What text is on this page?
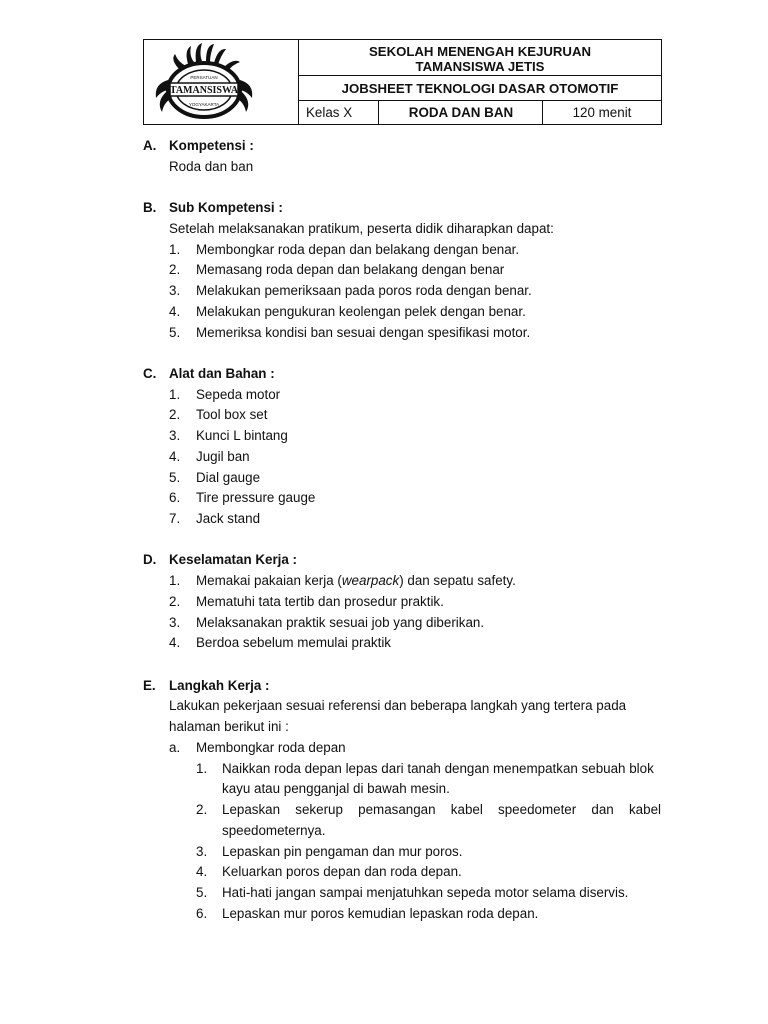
TAMANSISWA
PERSATUAN
YOGYAKARTA
SEKOLAH MENENGAH KEJURUAN
TAMANSISWA JETIS
JOBSHEET TEKNOLOGI DASAR OTOMOTIF
Kelas X	RODA DAN BAN	120 menit
A. Kompetensi :
Roda dan ban
B. Sub Kompetensi :
Setelah melaksanakan pratikum, peserta didik diharapkan dapat:
1. Membongkar roda depan dan belakang dengan benar.
2. Memasang roda depan dan belakang dengan benar
3. Melakukan pemeriksaan pada poros roda dengan benar.
4. Melakukan pengukuran keolengan pelek dengan benar.
5. Memeriksa kondisi ban sesuai dengan spesifikasi motor.
C. Alat dan Bahan :
1. Sepeda motor
2. Tool box set
3. Kunci L bintang
4. Jugil ban
5. Dial gauge
6. Tire pressure gauge
7. Jack stand
D. Keselamatan Kerja :
1. Memakai pakaian kerja (wearpack) dan sepatu safety.
2. Mematuhi tata tertib dan prosedur praktik.
3. Melaksanakan praktik sesuai job yang diberikan.
4. Berdoa sebelum memulai praktik
E. Langkah Kerja :
Lakukan pekerjaan sesuai referensi dan beberapa langkah yang tertera pada
halaman berikut ini :
a. Membongkar roda depan
1. Naikkan roda depan lepas dari tanah dengan menempatkan sebuah blok
kayu atau pengganjal di bawah mesin.
2. Lepaskan sekerup pemasangan kabel speedometer dan kabel
speedometernya.
3. Lepaskan pin pengaman dan mur poros.
4. Keluarkan poros depan dan roda depan.
5. Hati-hati jangan sampai menjatuhkan sepeda motor selama diservis.
6. Lepaskan mur poros kemudian lepaskan roda depan.
